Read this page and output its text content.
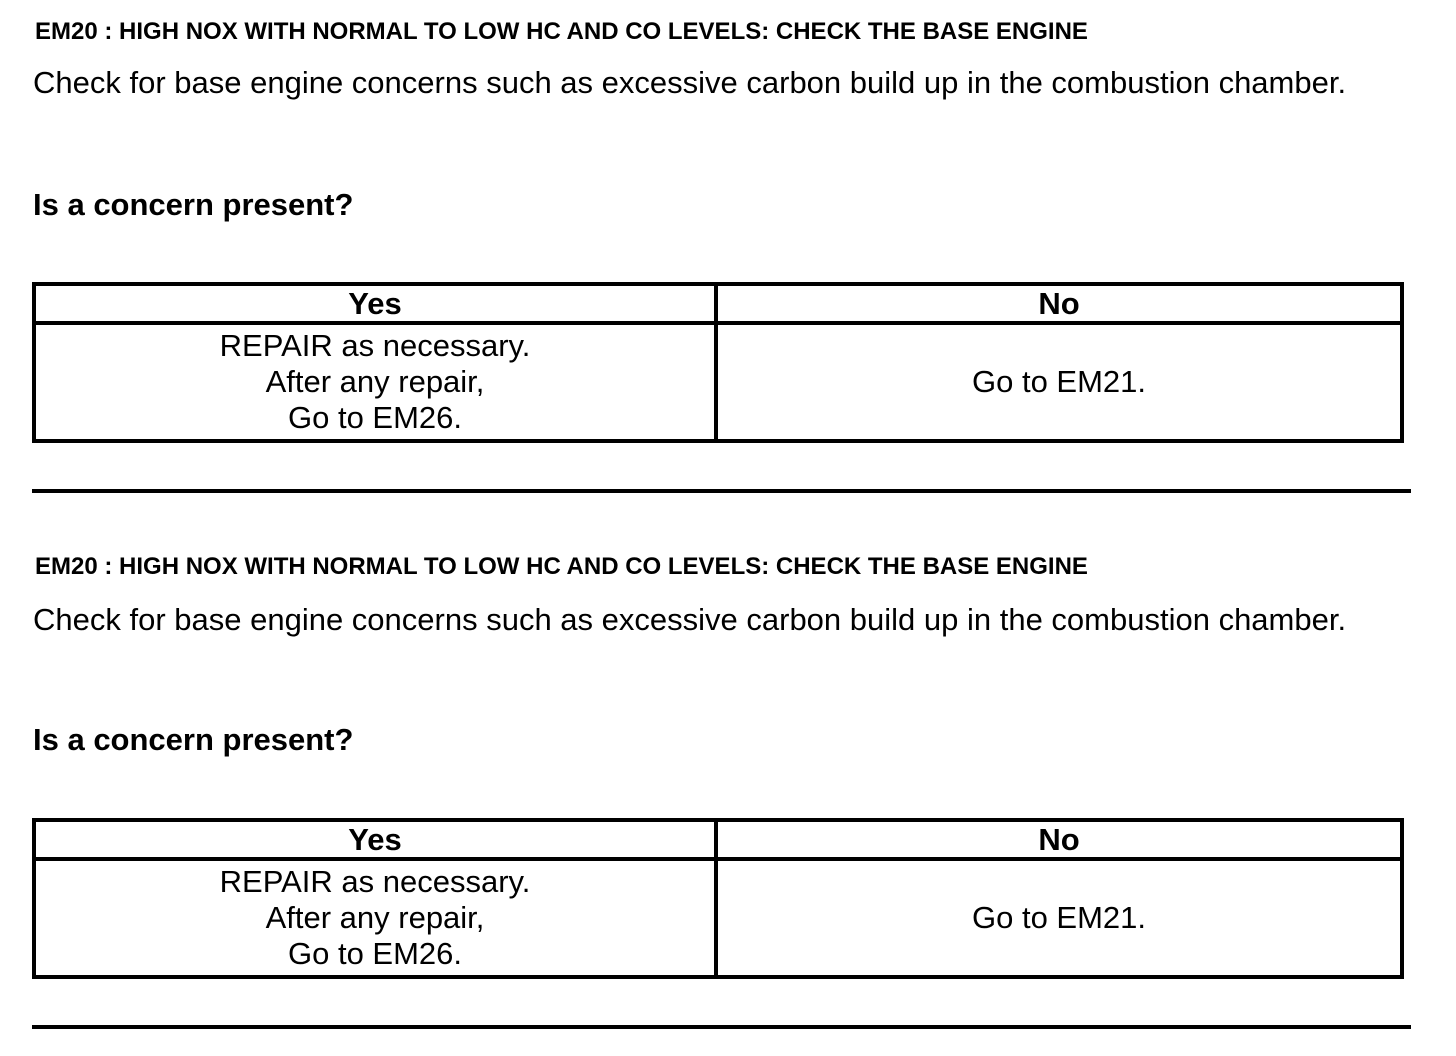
EM20 : HIGH NOX WITH NORMAL TO LOW HC AND CO LEVELS: CHECK THE BASE ENGINE
Check for base engine concerns such as excessive carbon build up in the combustion chamber.
Is a concern present?
Yes	No

REPAIR as necessary.
After any repair,
Go to EM26.	Go to EM21.
EM20 : HIGH NOX WITH NORMAL TO LOW HC AND CO LEVELS: CHECK THE BASE ENGINE
Check for base engine concerns such as excessive carbon build up in the combustion chamber.
Is a concern present?
Yes	No

REPAIR as necessary.
After any repair,
Go to EM26.	Go to EM21.
